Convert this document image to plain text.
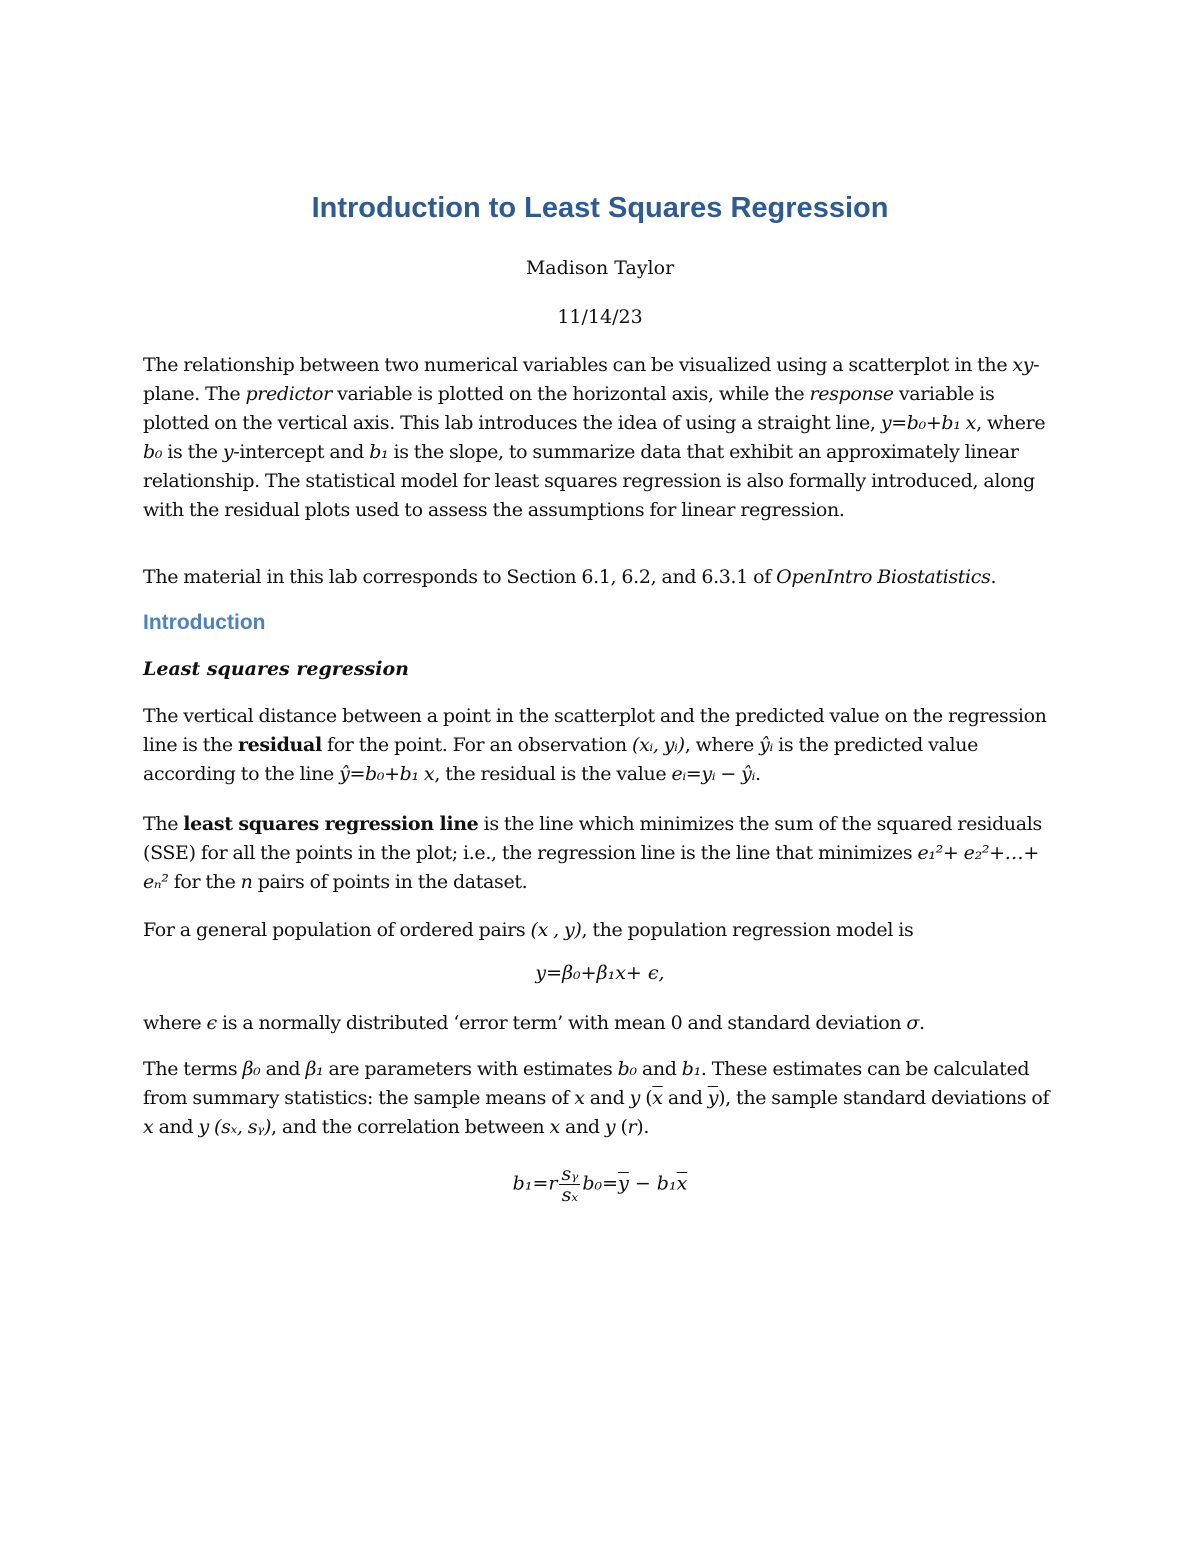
Introduction to Least Squares Regression

Madison Taylor

11/14/23

The relationship between two numerical variables can be visualized using a scatterplot in the xy-plane. The predictor variable is plotted on the horizontal axis, while the response variable is plotted on the vertical axis. This lab introduces the idea of using a straight line, y=b₀+b₁ x, where b₀ is the y-intercept and b₁ is the slope, to summarize data that exhibit an approximately linear relationship. The statistical model for least squares regression is also formally introduced, along with the residual plots used to assess the assumptions for linear regression.

The material in this lab corresponds to Section 6.1, 6.2, and 6.3.1 of OpenIntro Biostatistics.

Introduction
Least squares regression

The vertical distance between a point in the scatterplot and the predicted value on the regression line is the residual for the point. For an observation (xᵢ, yᵢ), where ŷᵢ is the predicted value according to the line ŷ=b₀+b₁ x, the residual is the value eᵢ=yᵢ − ŷᵢ.

The least squares regression line is the line which minimizes the sum of the squared residuals (SSE) for all the points in the plot; i.e., the regression line is the line that minimizes e₁²+ e₂²+…+ eₙ² for the n pairs of points in the dataset.

For a general population of ordered pairs (x , y), the population regression model is

y=β₀+β₁x+ ϵ,

where ϵ is a normally distributed ‘error term’ with mean 0 and standard deviation σ.

The terms β₀ and β₁ are parameters with estimates b₀ and b₁. These estimates can be calculated from summary statistics: the sample means of x and y ($\overline{x}$ and $\overline{y}$), the sample standard deviations of x and y (sₓ, sᵧ), and the correlation between x and y (r).

$b_1=r \frac{\text{sᵧ}}{\text{sₓ}} b_0=\overline{y} - b_1\overline{x}$
